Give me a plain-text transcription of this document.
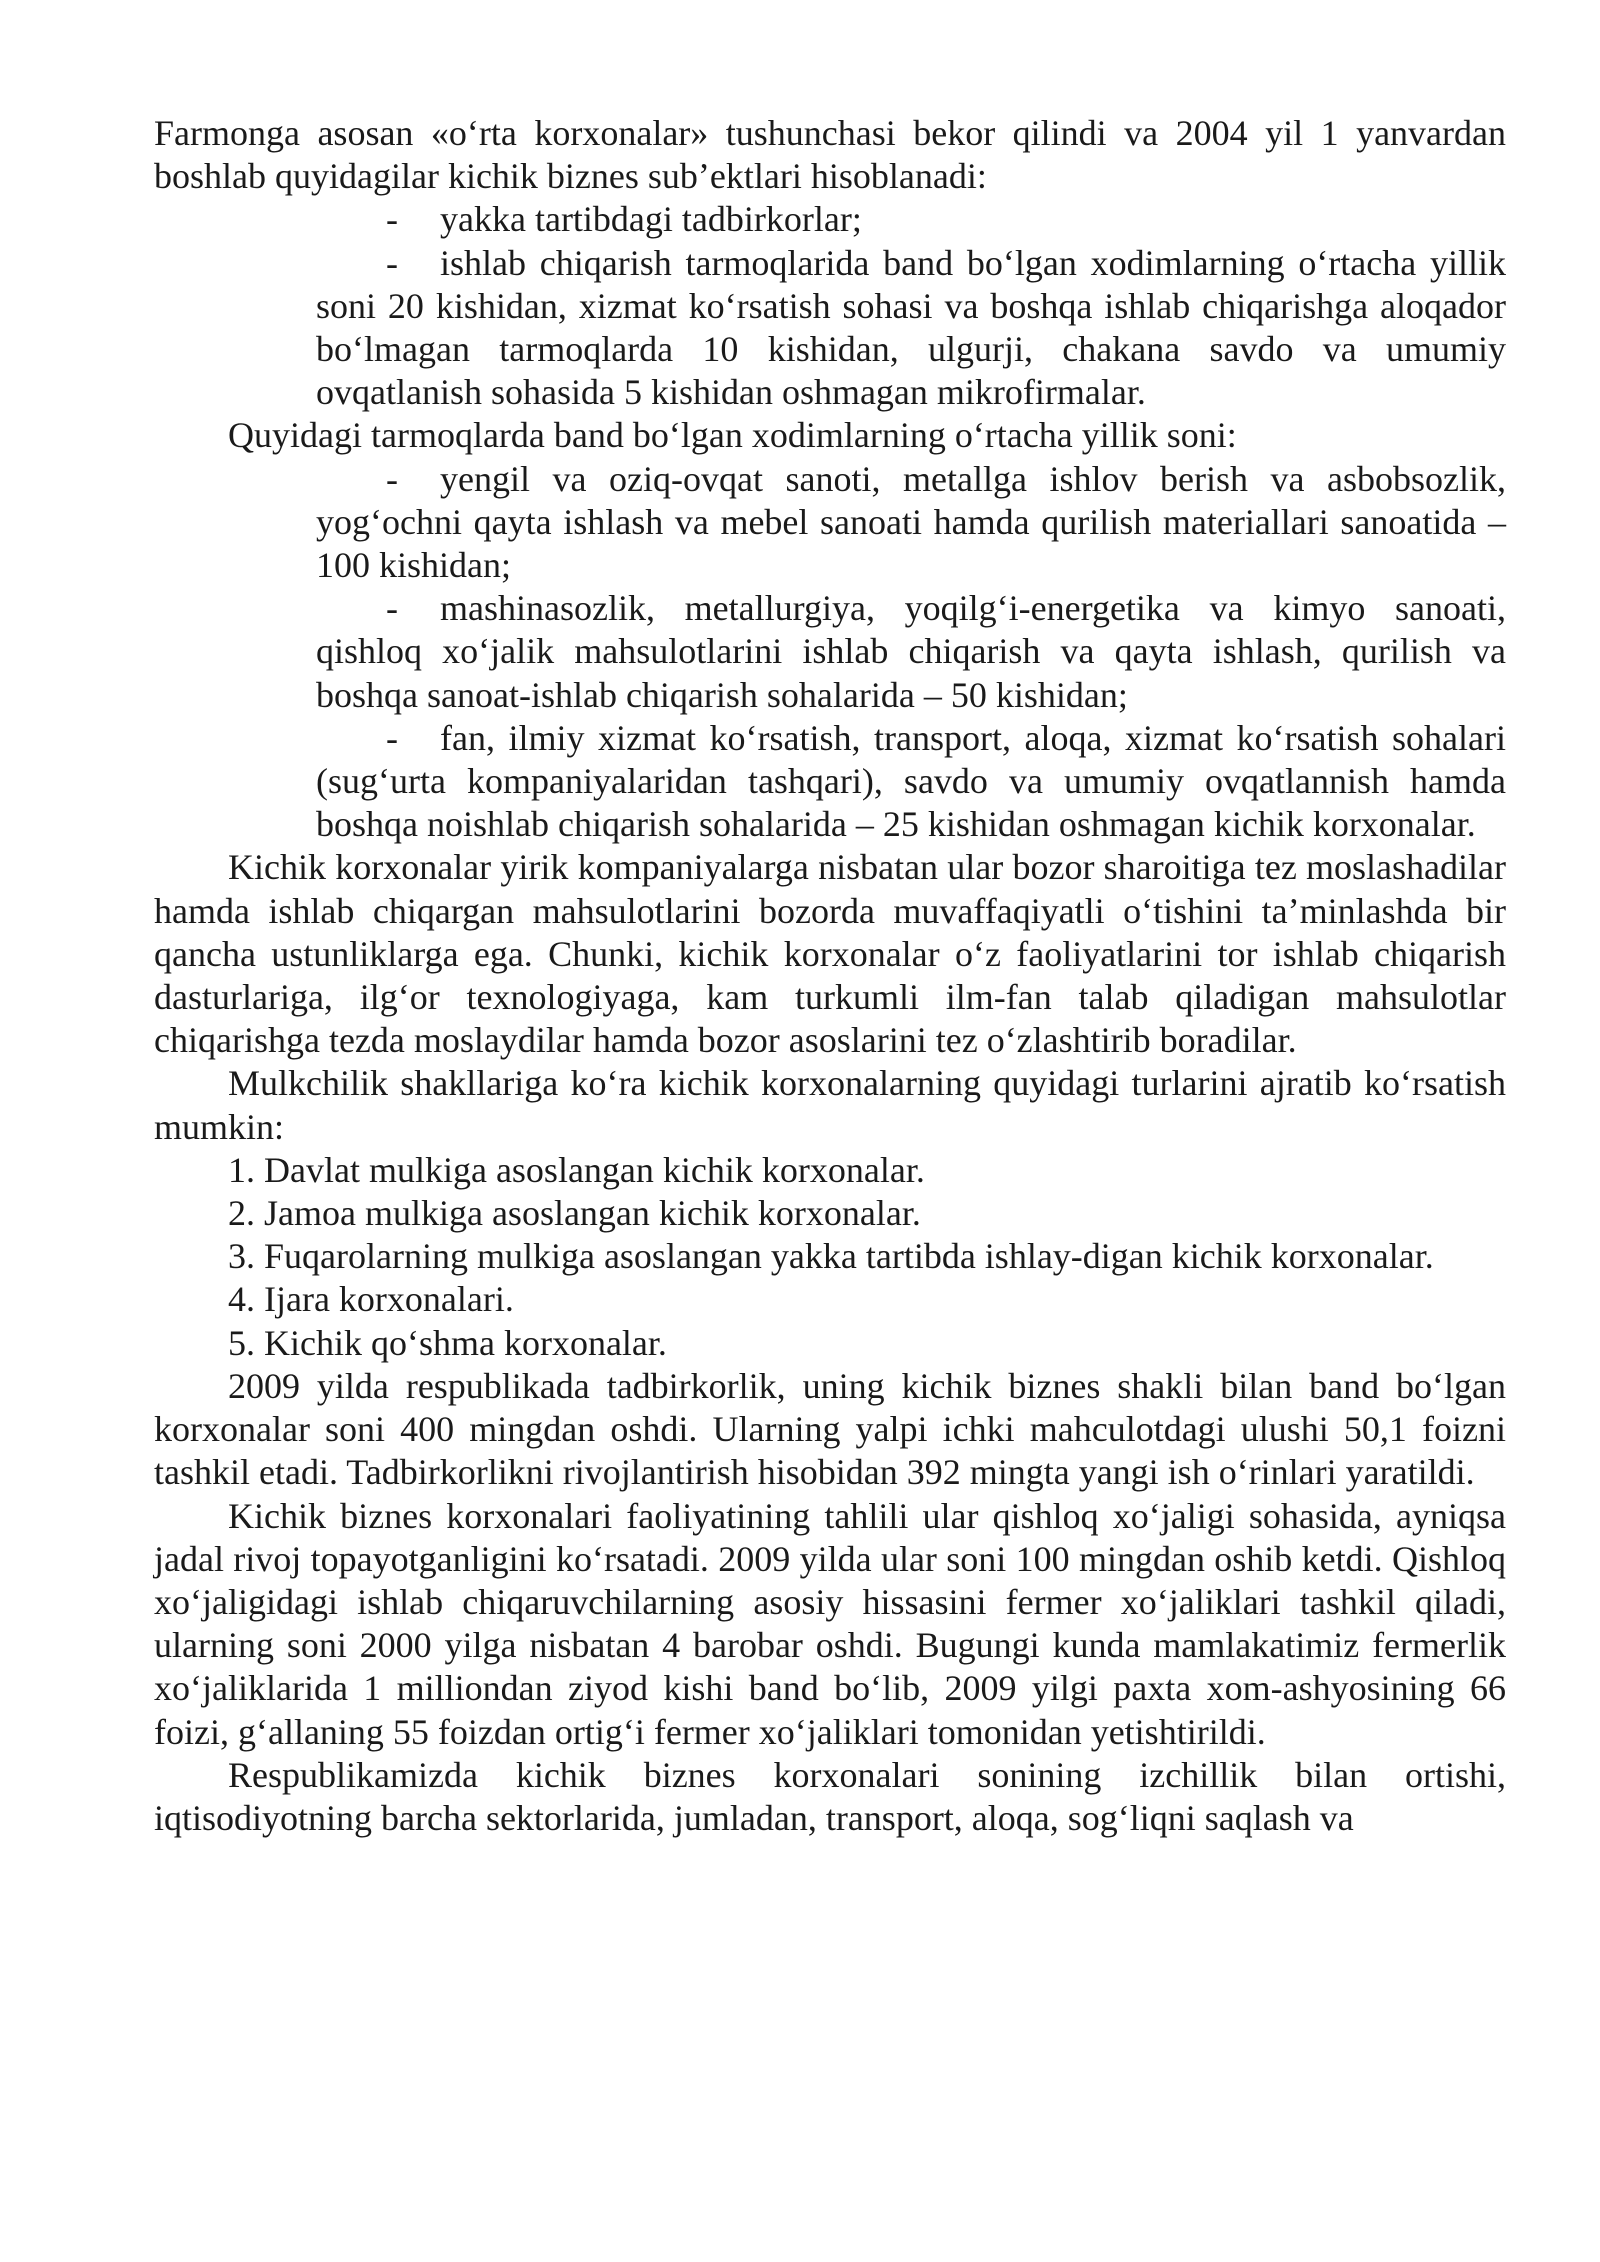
Farmonga asosan «oʻrta korxonalar» tushunchasi bekor qilindi va 2004 yil 1 yanvardan boshlab quyidagilar kichik biznes subʼektlari hisoblanadi:

- yakka tartibdagi tadbirkorlar;

- ishlab chiqarish tarmoqlarida band boʻlgan xodimlarning oʻrtacha yillik soni 20 kishidan, xizmat koʻrsatish sohasi va boshqa ishlab chiqarishga aloqador boʻlmagan tarmoqlarda 10 kishidan, ulgurji, chakana savdo va umumiy ovqatlanish sohasida 5 kishidan oshmagan mikrofirmalar.

Quyidagi tarmoqlarda band boʻlgan xodimlarning oʻrtacha yillik soni:

- yengil va oziq-ovqat sanoti, metallga ishlov berish va asbobsozlik, yogʻochni qayta ishlash va mebel sanoati hamda qurilish materiallari sanoatida – 100 kishidan;

- mashinasozlik, metallurgiya, yoqilgʻi-energetika va kimyo sanoati, qishloq xoʻjalik mahsulotlarini ishlab chiqarish va qayta ishlash, qurilish va boshqa sanoat-ishlab chiqarish sohalarida – 50 kishidan;

- fan, ilmiy xizmat koʻrsatish, transport, aloqa, xizmat koʻrsatish sohalari (sugʻurta kompaniyalaridan tashqari), savdo va umumiy ovqatlannish hamda boshqa noishlab chiqarish sohalarida – 25 kishidan oshmagan kichik korxonalar.

Kichik korxonalar yirik kompaniyalarga nisbatan ular bozor sharoitiga tez moslashadilar hamda ishlab chiqargan mahsulotlarini bozorda muvaffaqiyatli oʻtishini taʼminlashda bir qancha ustunliklarga ega. Chunki, kichik korxonalar oʻz faoliyatlarini tor ishlab chiqarish dasturlariga, ilgʻor texnologiyaga, kam turkumli ilm-fan talab qiladigan mahsulotlar chiqarishga tezda moslaydilar hamda bozor asoslarini tez oʻzlashtirib boradilar.

Mulkchilik shakllariga koʻra kichik korxonalarning quyidagi turlarini ajratib koʻrsatish mumkin:

1. Davlat mulkiga asoslangan kichik korxonalar.

2. Jamoa mulkiga asoslangan kichik korxonalar.

3. Fuqarolarning mulkiga asoslangan yakka tartibda ishlay-digan kichik korxonalar.

4. Ijara korxonalari.

5. Kichik qoʻshma korxonalar.

2009 yilda respublikada tadbirkorlik, uning kichik biznes shakli bilan band boʻlgan korxonalar soni 400 mingdan oshdi. Ularning yalpi ichki mahculotdagi ulushi 50,1 foizni tashkil etadi. Tadbirkorlikni rivojlantirish hisobidan 392 mingta yangi ish oʻrinlari yaratildi.

Kichik biznes korxonalari faoliyatining tahlili ular qishloq xoʻjaligi sohasida, ayniqsa jadal rivoj topayotganligini koʻrsatadi. 2009 yilda ular soni 100 mingdan oshib ketdi. Qishloq xoʻjaligidagi ishlab chiqaruvchilarning asosiy hissasini fermer xoʻjaliklari tashkil qiladi, ularning soni 2000 yilga nisbatan 4 barobar oshdi. Bugungi kunda mamlakatimiz fermerlik xoʻjaliklarida 1 milliondan ziyod kishi band boʻlib, 2009 yilgi paxta xom-ashyosining 66 foizi, gʻallaning 55 foizdan ortigʻi fermer xoʻjaliklari tomonidan yetishtirildi.

Respublikamizda kichik biznes korxonalari sonining izchillik bilan ortishi, iqtisodiyotning barcha sektorlarida, jumladan, transport, aloqa, sogʻliqni saqlash va
